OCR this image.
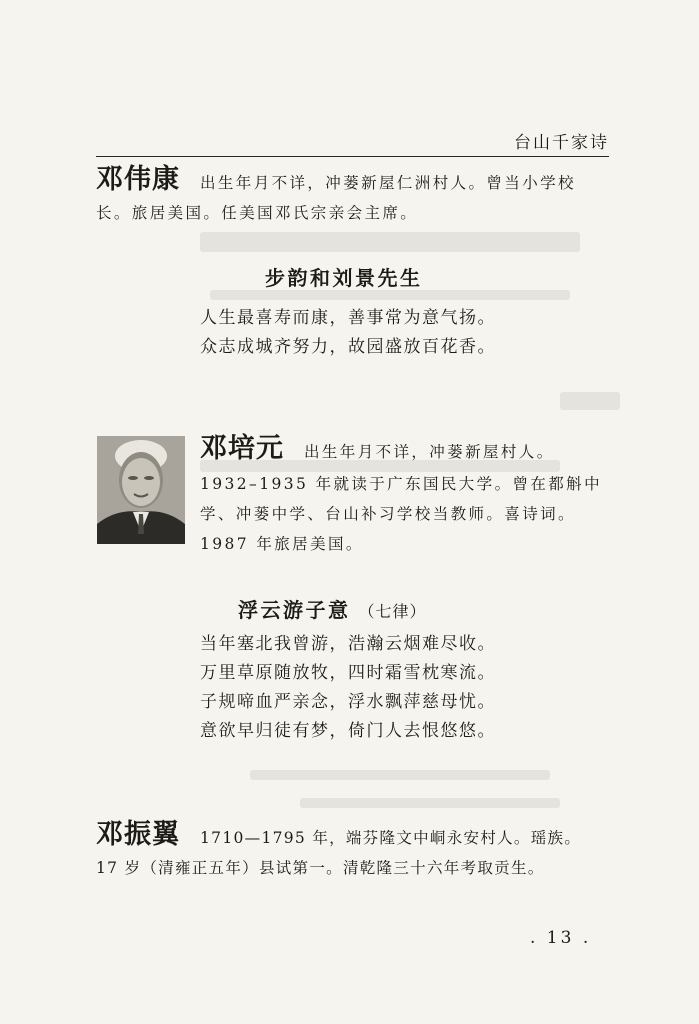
台山千家诗
邓伟康 出生年月不详，冲蒌新屋仁洲村人。曾当小学校
长。旅居美国。任美国邓氏宗亲会主席。
步韵和刘景先生
人生最喜寿而康，善事常为意气扬。
众志成城齐努力，故园盛放百花香。
邓培元 出生年月不详，冲蒌新屋村人。
1932–1935 年就读于广东国民大学。曾在都斛中
学、冲蒌中学、台山补习学校当教师。喜诗词。
1987 年旅居美国。
浮云游子意 （七律）
当年塞北我曾游，浩瀚云烟难尽收。
万里草原随放牧，四时霜雪枕寒流。
子规啼血严亲念，浮水飘萍慈母忧。
意欲早归徒有梦，倚门人去恨悠悠。
邓振翼 1710—1795 年，端芬隆文中峒永安村人。瑶族。
17 岁（清雍正五年）县试第一。清乾隆三十六年考取贡生。
. 13 .
